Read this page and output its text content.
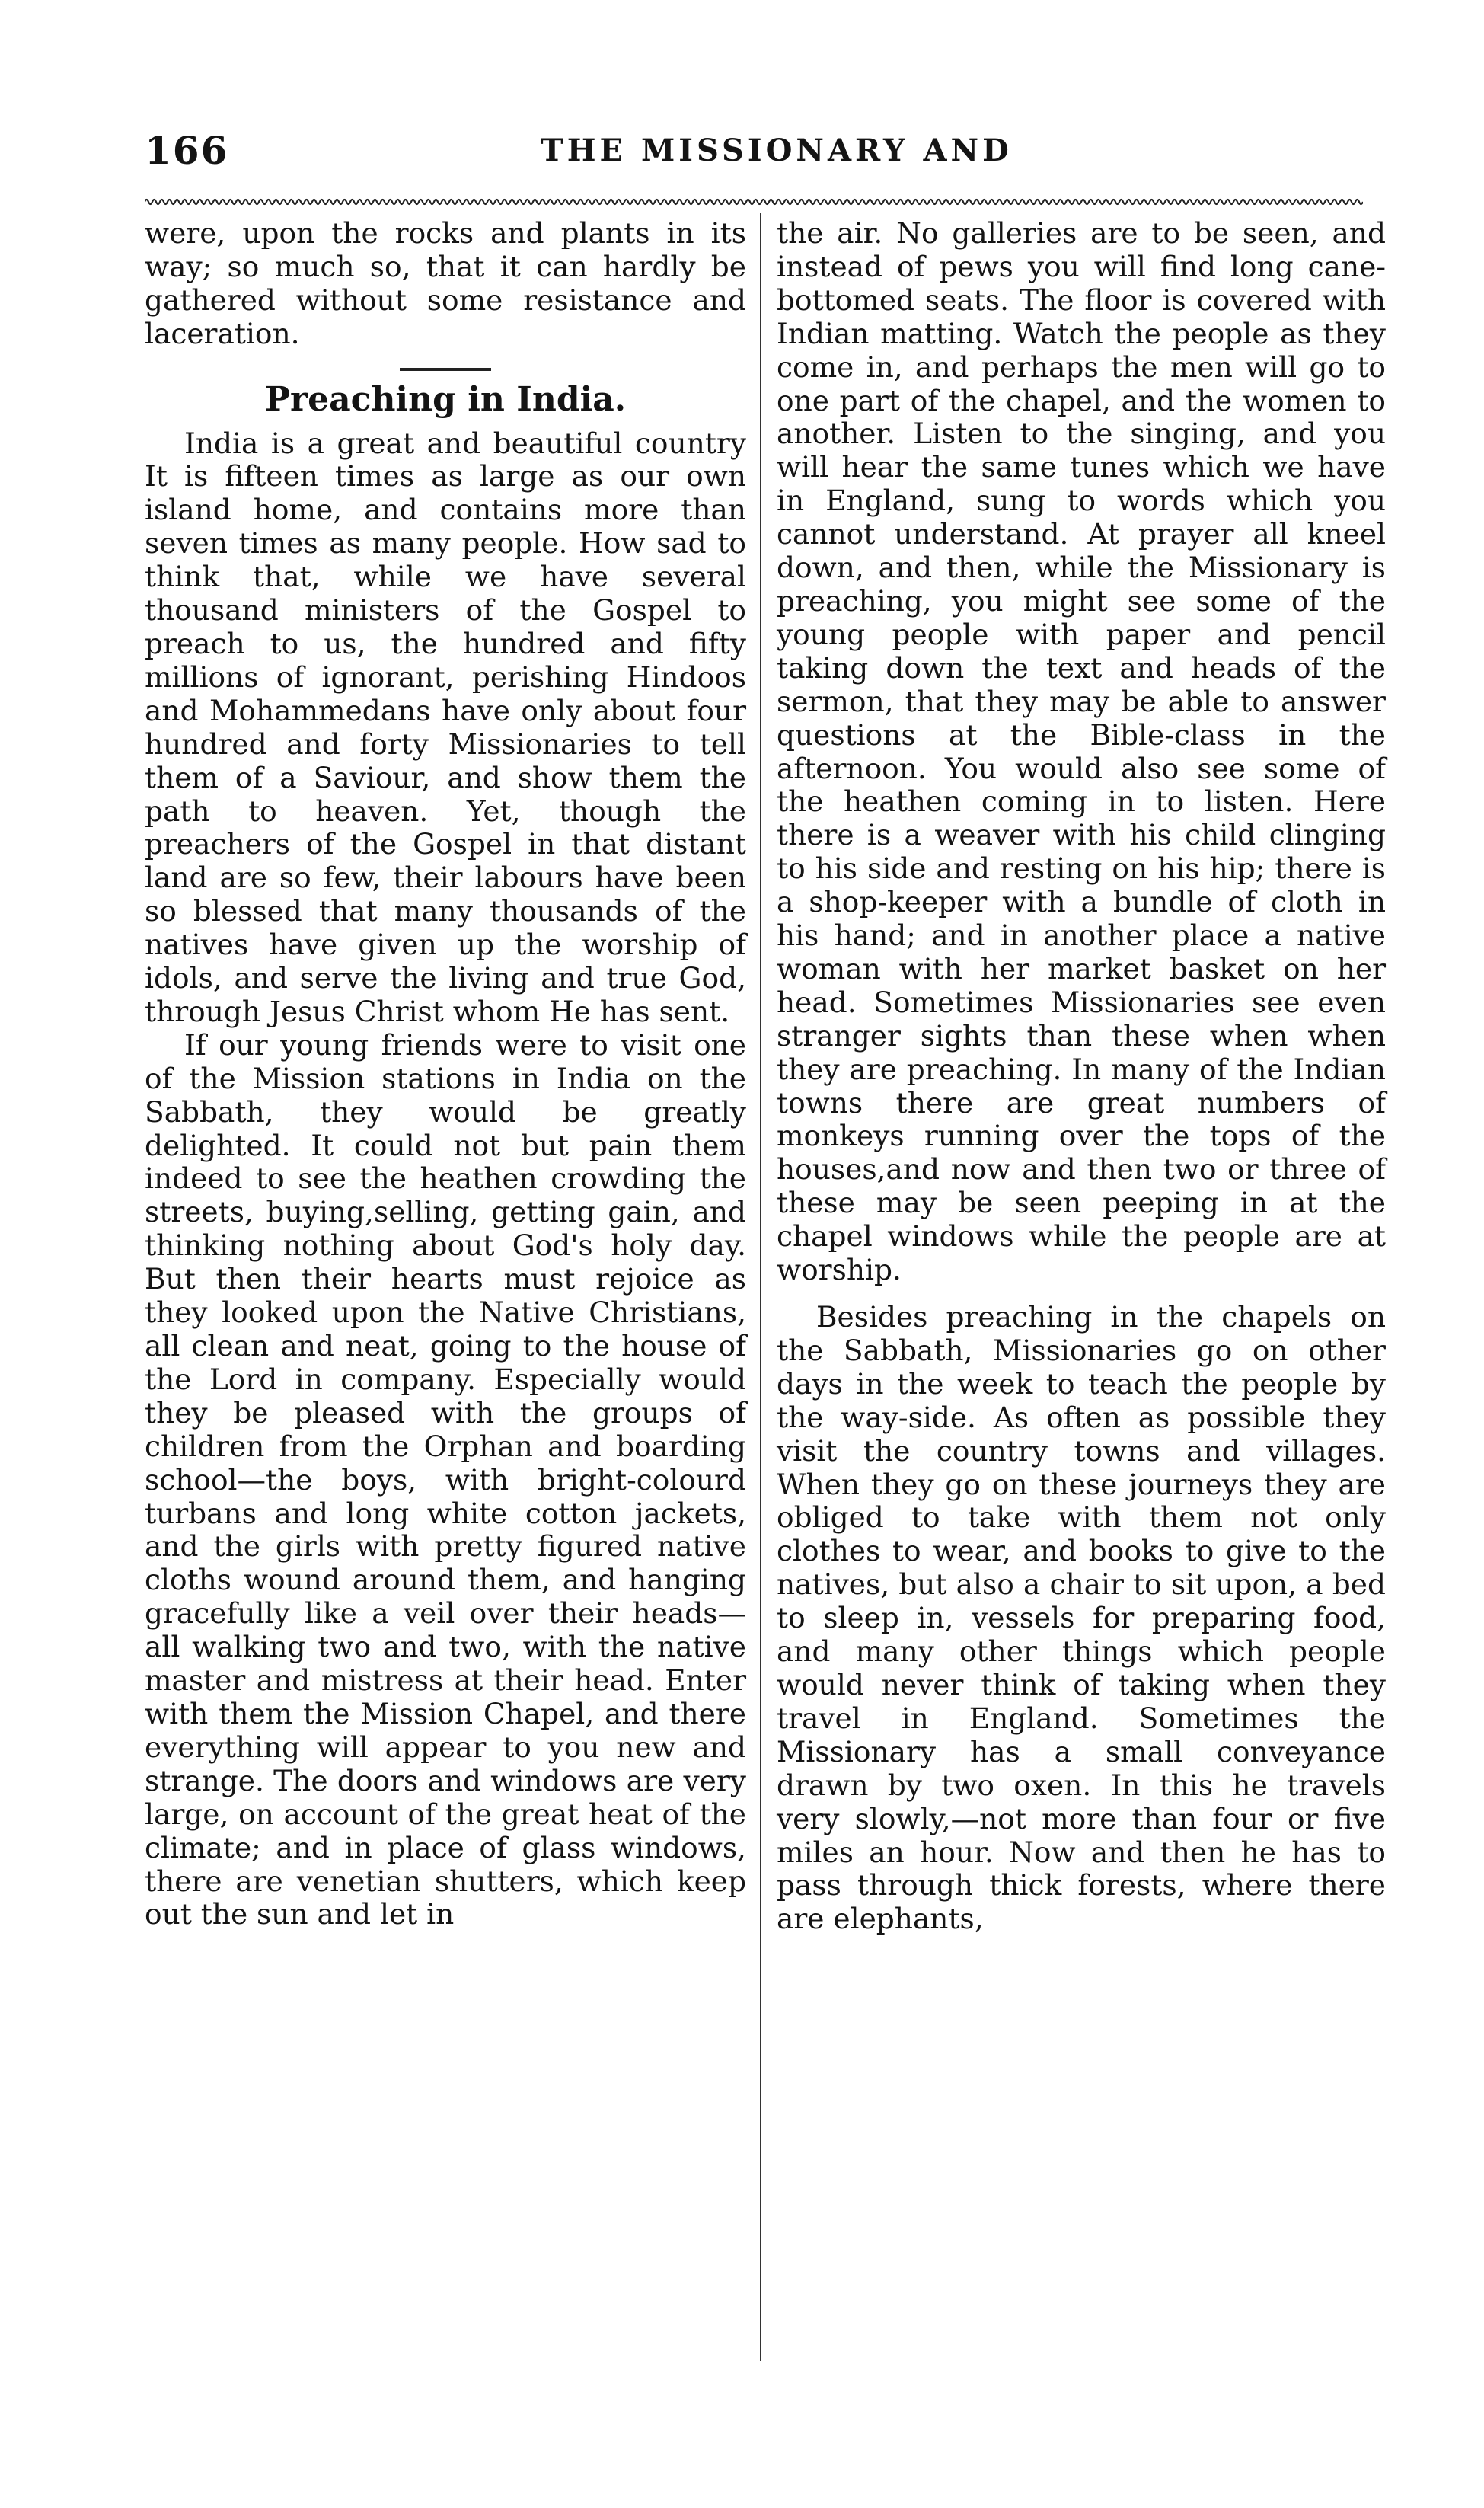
166	THE MISSIONARY AND

were, upon the rocks and plants in its way; so much so, that it can hardly be gathered without some resistance and laceration.

Preaching in India.

India is a great and beautiful country It is fifteen times as large as our own island home, and contains more than seven times as many people. How sad to think that, while we have several thousand ministers of the Gospel to preach to us, the hundred and fifty millions of ignorant, perishing Hindoos and Mohammedans have only about four hundred and forty Missionaries to tell them of a Saviour, and show them the path to heaven. Yet, though the preachers of the Gospel in that distant land are so few, their labours have been so blessed that many thousands of the natives have given up the worship of idols, and serve the living and true God, through Jesus Christ whom He has sent.

If our young friends were to visit one of the Mission stations in India on the Sabbath, they would be greatly delighted. It could not but pain them indeed to see the heathen crowding the streets, buying,selling, getting gain, and thinking nothing about God's holy day. But then their hearts must rejoice as they looked upon the Native Christians, all clean and neat, going to the house of the Lord in company. Especially would they be pleased with the groups of children from the Orphan and boarding school—the boys, with bright-colourd turbans and long white cotton jackets, and the girls with pretty figured native cloths wound around them, and hanging gracefully like a veil over their heads—all walking two and two, with the native master and mistress at their head. Enter with them the Mission Chapel, and there everything will appear to you new and strange. The doors and windows are very large, on account of the great heat of the climate; and in place of glass windows, there are venetian shutters, which keep out the sun and let in

the air. No galleries are to be seen, and instead of pews you will find long cane-bottomed seats. The floor is covered with Indian matting. Watch the people as they come in, and perhaps the men will go to one part of the chapel, and the women to another. Listen to the singing, and you will hear the same tunes which we have in England, sung to words which you cannot understand. At prayer all kneel down, and then, while the Missionary is preaching, you might see some of the young people with paper and pencil taking down the text and heads of the sermon, that they may be able to answer questions at the Bible-class in the afternoon. You would also see some of the heathen coming in to listen. Here there is a weaver with his child clinging to his side and resting on his hip; there is a shop-keeper with a bundle of cloth in his hand; and in another place a native woman with her market basket on her head. Sometimes Missionaries see even stranger sights than these when when they are preaching. In many of the Indian towns there are great numbers of monkeys running over the tops of the houses,and now and then two or three of these may be seen peeping in at the chapel windows while the people are at worship.

Besides preaching in the chapels on the Sabbath, Missionaries go on other days in the week to teach the people by the way-side. As often as possible they visit the country towns and villages. When they go on these journeys they are obliged to take with them not only clothes to wear, and books to give to the natives, but also a chair to sit upon, a bed to sleep in, vessels for preparing food, and many other things which people would never think of taking when they travel in England. Sometimes the Missionary has a small conveyance drawn by two oxen. In this he travels very slowly,—not more than four or five miles an hour. Now and then he has to pass through thick forests, where there are elephants,
